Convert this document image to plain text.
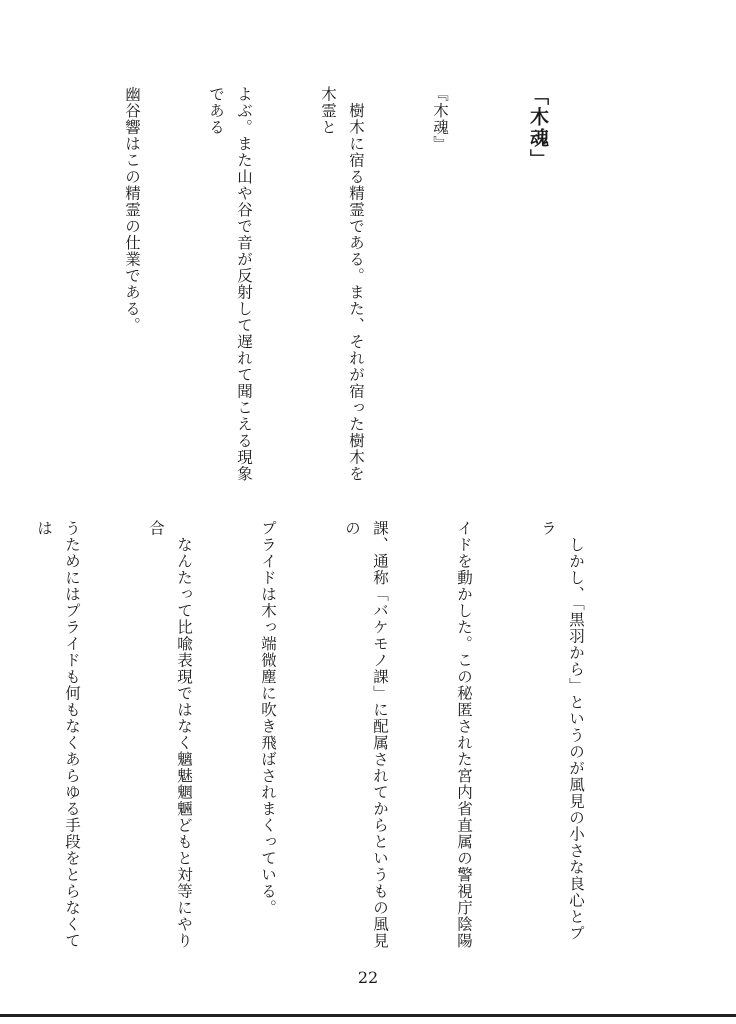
「木魂」

『木魂』

　樹木に宿る精霊である。また、それが宿った樹木を木霊と

よぶ。また山や谷で音が反射して遅れて聞こえる現象である

幽谷響はこの精霊の仕業である。

　しかし、「黒羽から」というのが風見の小さな良心とプラ

イドを動かした。この秘匿された宮内省直属の警視庁陰陽

課、通称「バケモノ課」に配属されてからというもの風見の

プライドは木っ端微塵に吹き飛ばされまくっている。

　なんたって比喩表現ではなく魑魅魍魎どもと対等にやり合

うためにはプライドも何もなくあらゆる手段をとらなくては

22
